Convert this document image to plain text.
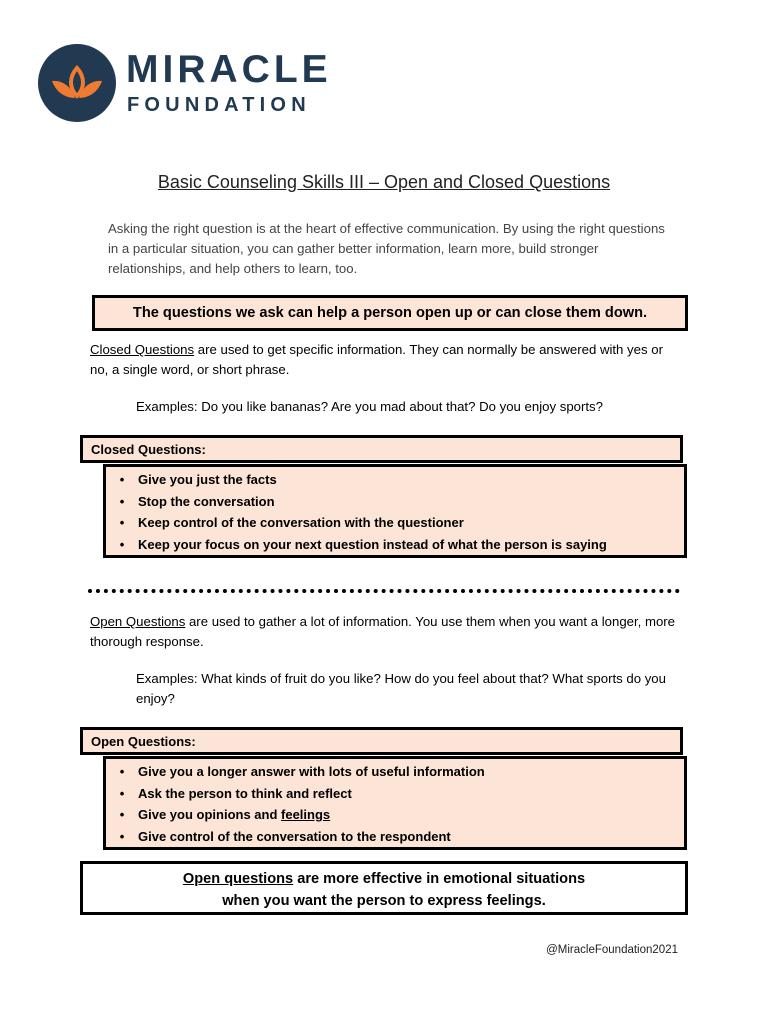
MIRACLE
FOUNDATION
Basic Counseling Skills III – Open and Closed Questions
Asking the right question is at the heart of effective communication. By using the right questions in a particular situation, you can gather better information, learn more, build stronger relationships, and help others to learn, too.
The questions we ask can help a person open up or can close them down.
Closed Questions are used to get specific information. They can normally be answered with yes or no, a single word, or short phrase.
Examples: Do you like bananas? Are you mad about that? Do you enjoy sports?
Closed Questions:
• Give you just the facts
• Stop the conversation
• Keep control of the conversation with the questioner
• Keep your focus on your next question instead of what the person is saying
Open Questions are used to gather a lot of information. You use them when you want a longer, more thorough response.
Examples: What kinds of fruit do you like? How do you feel about that? What sports do you enjoy?
Open Questions:
• Give you a longer answer with lots of useful information
• Ask the person to think and reflect
• Give you opinions and feelings
• Give control of the conversation to the respondent
Open questions are more effective in emotional situations
when you want the person to express feelings.
@MiracleFoundation2021
